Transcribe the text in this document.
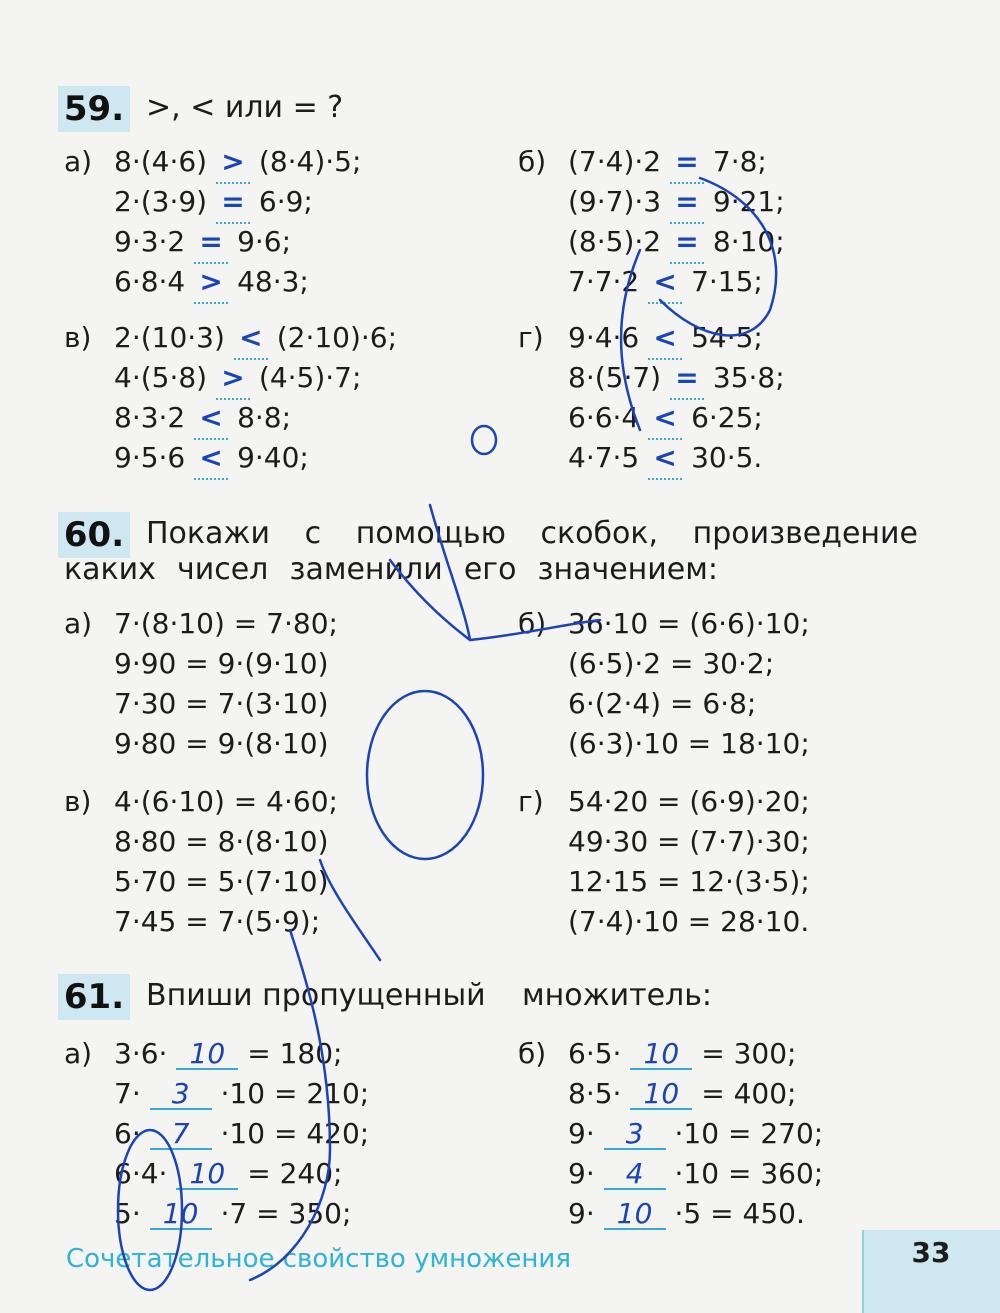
59. >, < или = ?
а) 8·(4·6) > (8·4)·5;
2·(3·9) = 6·9;
9·3·2 = 9·6;
6·8·4 > 48·3;
б) (7·4)·2 = 7·8;
(9·7)·3 = 9·21;
(8·5)·2 = 8·10;
7·7·2 < 7·15;
в) 2·(10·3) < (2·10)·6;
4·(5·8) > (4·5)·7;
8·3·2 < 8·8;
9·5·6 < 9·40;
г) 9·4·6 < 54·5;
8·(5·7) = 35·8;
6·6·4 < 6·25;
4·7·5 < 30·5.
60. Покажи с помощью скобок, произведение
каких чисел заменили его значением:
а) 7·(8·10) = 7·80;
9·90 = 9·(9·10)
7·30 = 7·(3·10)
9·80 = 9·(8·10)
б) 36·10 = (6·6)·10;
(6·5)·2 = 30·2;
6·(2·4) = 6·8;
(6·3)·10 = 18·10;
в) 4·(6·10) = 4·60;
8·80 = 8·(8·10)
5·70 = 5·(7·10)
7·45 = 7·(5·9);
г) 54·20 = (6·9)·20;
49·30 = (7·7)·30;
12·15 = 12·(3·5);
(7·4)·10 = 28·10.
61. Впиши пропущенный множитель:
а) 3·6· 10 = 180;
7· 3 ·10 = 210;
6· 7 ·10 = 420;
6·4· 10 = 240;
5· 10 ·7 = 350;
б) 6·5· 10 = 300;
8·5· 10 = 400;
9· 3 ·10 = 270;
9· 4 ·10 = 360;
9· 10 ·5 = 450.
Сочетательное свойство умножения	33
